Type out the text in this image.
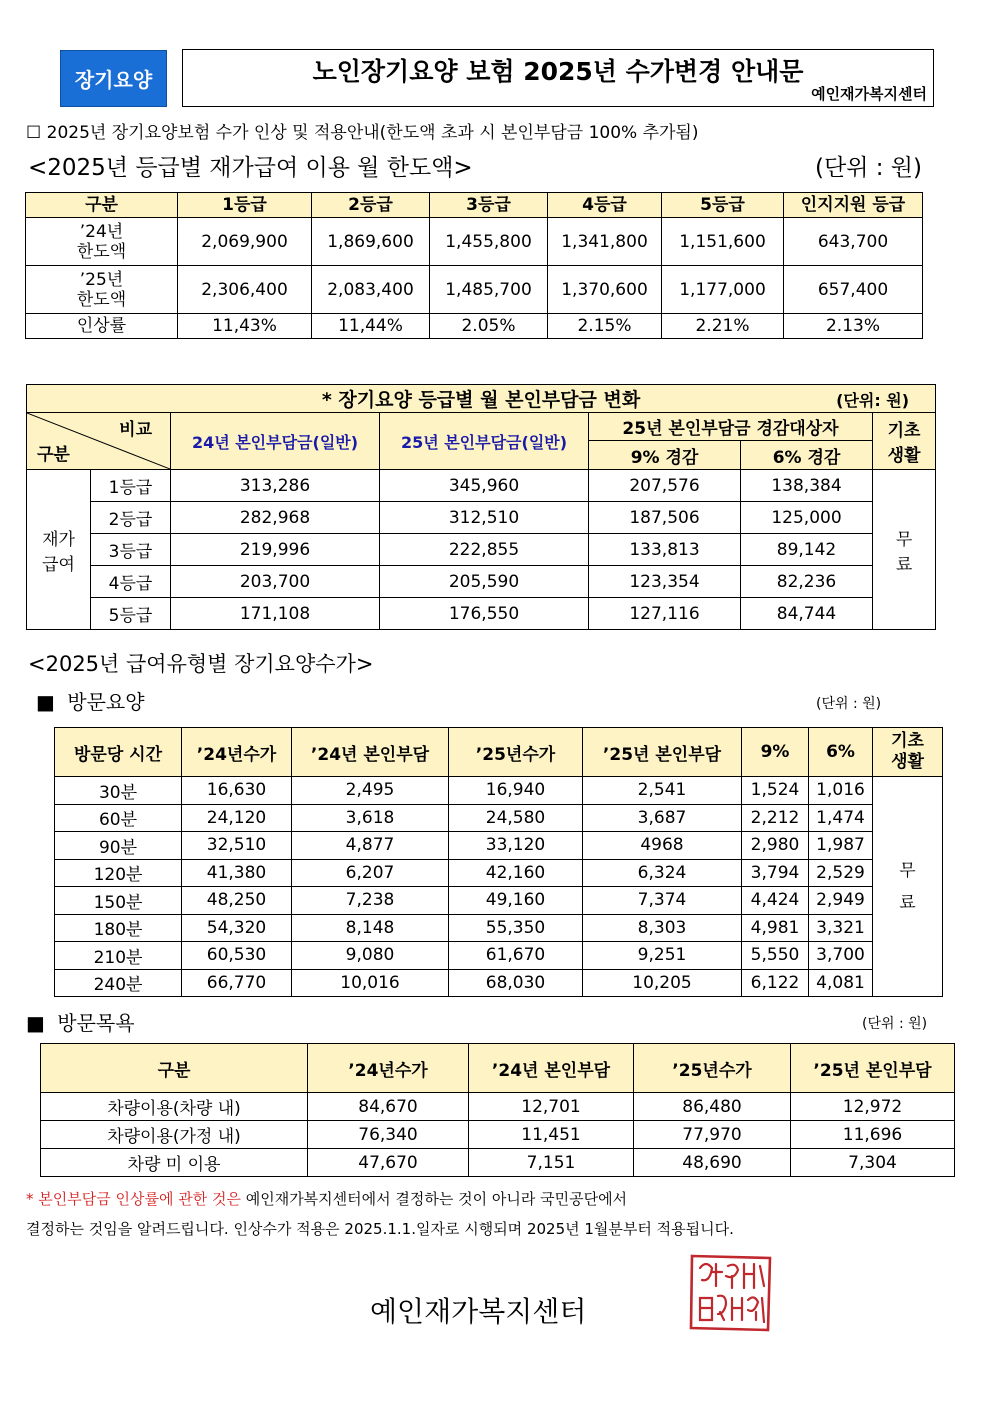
장기요양	노인장기요양 보험 2025년 수가변경 안내문
예인재가복지센터
☐ 2025년 장기요양보험 수가 인상 및 적용안내(한도액 초과 시 본인부담금 100% 추가됨)
<2025년 등급별 재가급여 이용 월 한도액>	(단위 : 원)
구분	1등급	2등급	3등급	4등급	5등급	인지지원 등급
’24년
한도액	2,069,900	1,869,600	1,455,800	1,341,800	1,151,600	643,700
’25년
한도액	2,306,400	2,083,400	1,485,700	1,370,600	1,177,000	657,400
인상률	11,43%	11,44%	2.05%	2.15%	2.21%	2.13%
* 장기요양 등급별 월 본인부담금 변화 (단위: 원)						

비교
구분		24년 본인부담금(일반)	25년 본인부담금(일반)	25년 본인부담금 경감대상자		기초
생활
				9% 경감	6% 경감	
재가
급여	1등급	313,286	345,960	207,576	138,384	무
료
	2등급	282,968	312,510	187,506	125,000	
	3등급	219,996	222,855	133,813	89,142	
	4등급	203,700	205,590	123,354	82,236	
	5등급	171,108	176,550	127,116	84,744	
<2025년 급여유형별 장기요양수가>
■ 방문요양	(단위 : 원)
방문당 시간	’24년수가	’24년 본인부담	’25년수가	’25년 본인부담	9%	6%	기초
생활
30분	16,630	2,495	16,940	2,541	1,524	1,016	무
료
60분	24,120	3,618	24,580	3,687	2,212	1,474	
90분	32,510	4,877	33,120	4968	2,980	1,987	
120분	41,380	6,207	42,160	6,324	3,794	2,529	
150분	48,250	7,238	49,160	7,374	4,424	2,949	
180분	54,320	8,148	55,350	8,303	4,981	3,321	
210분	60,530	9,080	61,670	9,251	5,550	3,700	
240분	66,770	10,016	68,030	10,205	6,122	4,081	
■ 방문목욕	(단위 : 원)
구분	’24년수가	’24년 본인부담	’25년수가	’25년 본인부담
차량이용(차량 내)	84,670	12,701	86,480	12,972
차량이용(가정 내)	76,340	11,451	77,970	11,696
차량 미 이용	47,670	7,151	48,690	7,304
* 본인부담금 인상률에 관한 것은 예인재가복지센터에서 결정하는 것이 아니라 국민공단에서
결정하는 것임을 알려드립니다. 인상수가 적용은 2025.1.1.일자로 시행되며 2025년 1월분부터 적용됩니다.
예인재가복지센터
